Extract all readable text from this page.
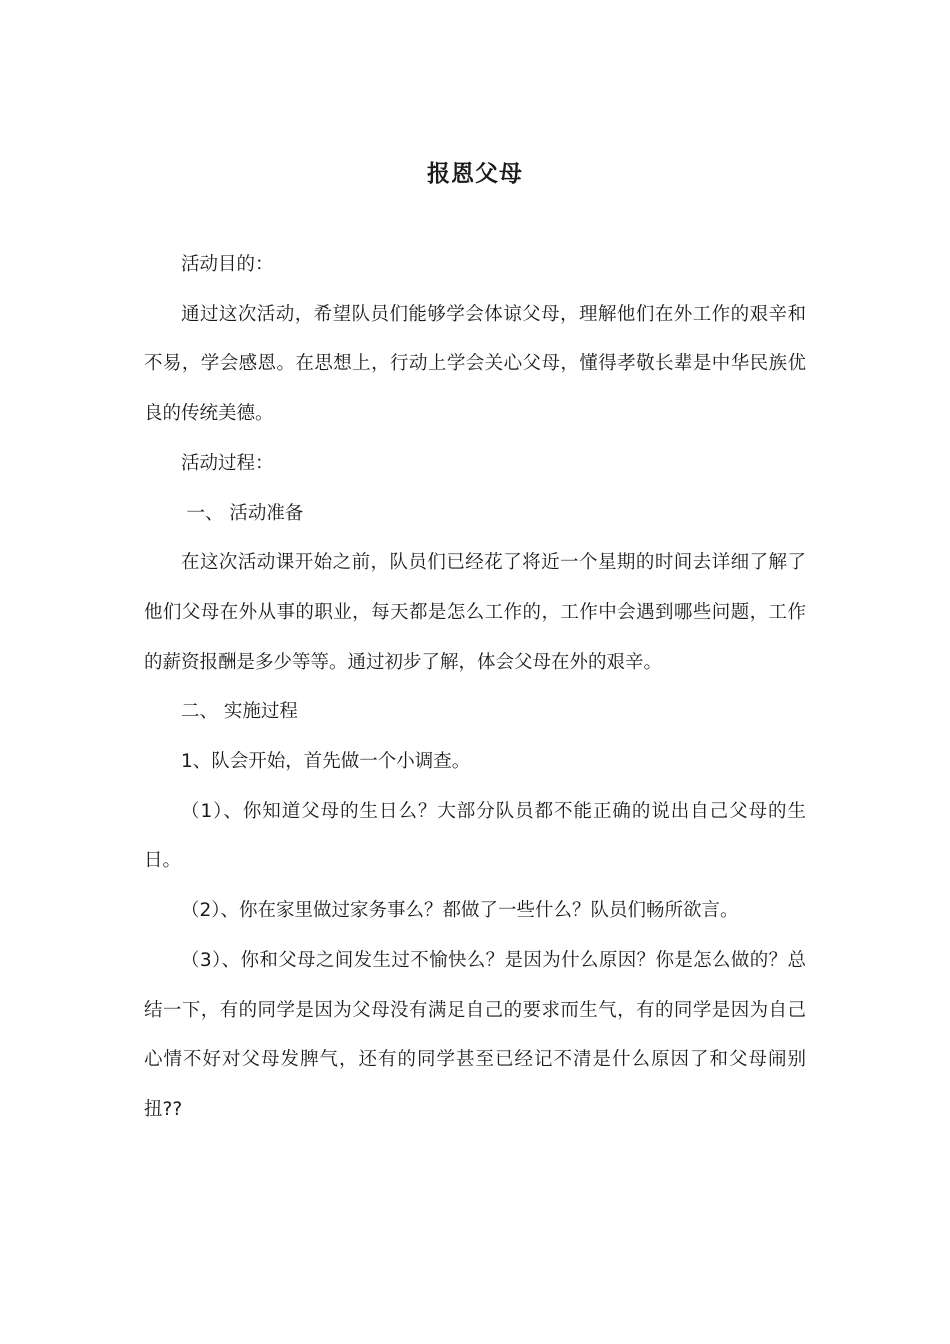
报恩父母

活动目的：

通过这次活动，希望队员们能够学会体谅父母，理解他们在外工作的艰辛和不易，学会感恩。在思想上，行动上学会关心父母，懂得孝敬长辈是中华民族优良的传统美德。

活动过程：

一、 活动准备

在这次活动课开始之前，队员们已经花了将近一个星期的时间去详细了解了他们父母在外从事的职业，每天都是怎么工作的，工作中会遇到哪些问题，工作的薪资报酬是多少等等。通过初步了解，体会父母在外的艰辛。

二、 实施过程

1、队会开始，首先做一个小调查。

（1）、你知道父母的生日么？大部分队员都不能正确的说出自己父母的生日。

（2）、你在家里做过家务事么？都做了一些什么？队员们畅所欲言。

（3）、你和父母之间发生过不愉快么？是因为什么原因？你是怎么做的？总结一下，有的同学是因为父母没有满足自己的要求而生气，有的同学是因为自己心情不好对父母发脾气，还有的同学甚至已经记不清是什么原因了和父母闹别扭??
